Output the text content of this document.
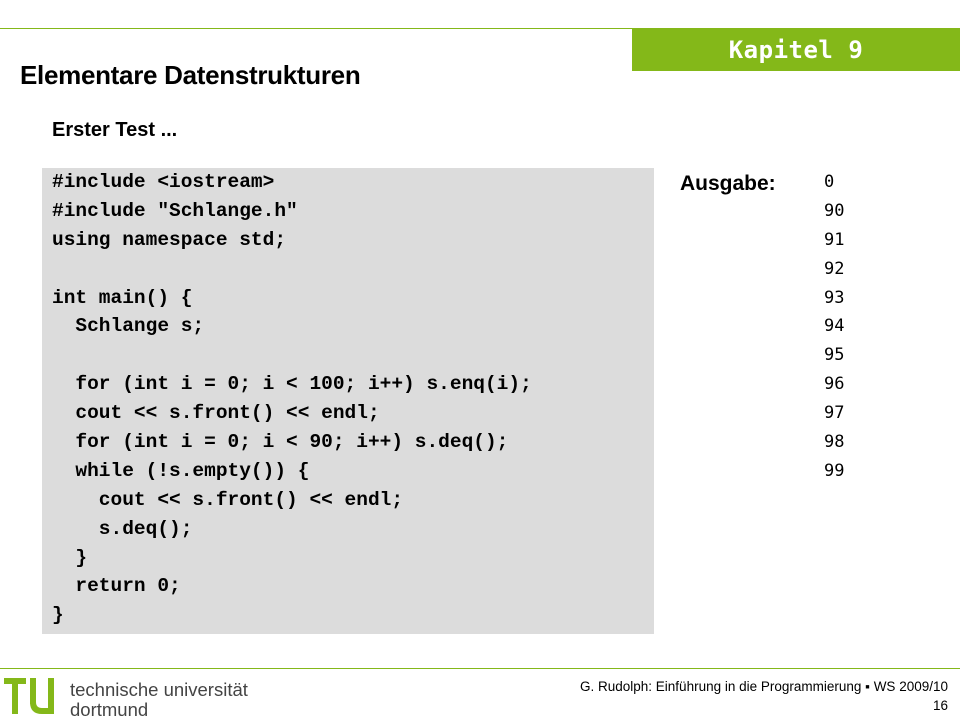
Elementare Datenstrukturen
Kapitel 9
Erster Test ...
#include <iostream>
#include "Schlange.h"
using namespace std;
int main() {
Schlange s;
for (int i = 0; i < 100; i++) s.enq(i);
cout << s.front() << endl;
for (int i = 0; i < 90; i++) s.deq();
while (!s.empty()) {
cout << s.front() << endl;
s.deq();
}
return 0;
}
Ausgabe:	0
90
91
92
93
94
95
96
97
98
99
technische universität
dortmund
G. Rudolph: Einführung in die Programmierung ▪ WS 2009/10
16
